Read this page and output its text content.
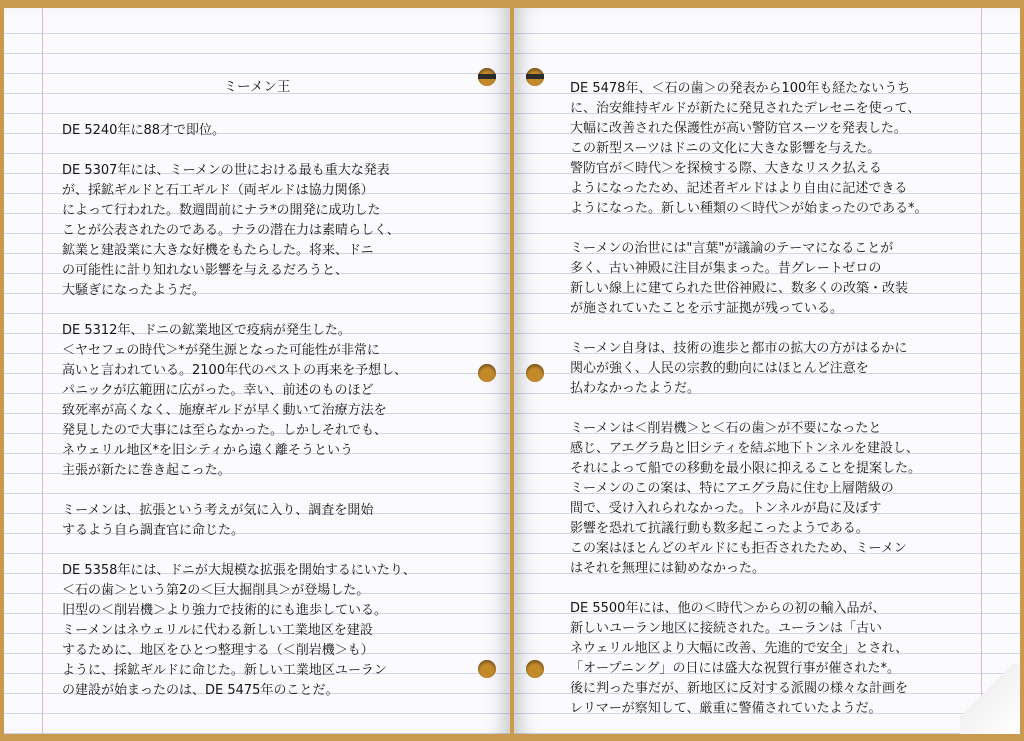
ミーメン王
DE 5240年に88才で即位。
DE 5307年には、ミーメンの世における最も重大な発表
が、採鉱ギルドと石工ギルド（両ギルドは協力関係）
によって行われた。数週間前にナラ*の開発に成功した
ことが公表されたのである。ナラの潜在力は素晴らしく、
鉱業と建設業に大きな好機をもたらした。将来、ドニ
の可能性に計り知れない影響を与えるだろうと、
大騒ぎになったようだ。
DE 5312年、ドニの鉱業地区で疫病が発生した。
＜ヤセフェの時代＞*が発生源となった可能性が非常に
高いと言われている。2100年代のペストの再来を予想し、
パニックが広範囲に広がった。幸い、前述のものほど
致死率が高くなく、施療ギルドが早く動いて治療方法を
発見したので大事には至らなかった。しかしそれでも、
ネウェリル地区*を旧シティから遠く離そうという
主張が新たに巻き起こった。
ミーメンは、拡張という考えが気に入り、調査を開始
するよう自ら調査官に命じた。
DE 5358年には、ドニが大規模な拡張を開始するにいたり、
＜石の歯＞という第2の＜巨大掘削具＞が登場した。
旧型の＜削岩機＞より強力で技術的にも進歩している。
ミーメンはネウェリルに代わる新しい工業地区を建設
するために、地区をひとつ整理する（＜削岩機＞も）
ように、採鉱ギルドに命じた。新しい工業地区ユーラン
の建設が始まったのは、DE 5475年のことだ。
DE 5478年、＜石の歯＞の発表から100年も経たないうち
に、治安維持ギルドが新たに発見されたデレセニを使って、
大幅に改善された保護性が高い警防官スーツを発表した。
この新型スーツはドニの文化に大きな影響を与えた。
警防官が＜時代＞を探検する際、大きなリスク払える
ようになったため、記述者ギルドはより自由に記述できる
ようになった。新しい種類の＜時代＞が始まったのである*。
ミーメンの治世には"言葉"が議論のテーマになることが
多く、古い神殿に注目が集まった。昔グレートゼロの
新しい線上に建てられた世俗神殿に、数多くの改築・改装
が施されていたことを示す証拠が残っている。
ミーメン自身は、技術の進歩と都市の拡大の方がはるかに
関心が強く、人民の宗教的動向にはほとんど注意を
払わなかったようだ。
ミーメンは＜削岩機＞と＜石の歯＞が不要になったと
感じ、アエグラ島と旧シティを結ぶ地下トンネルを建設し、
それによって船での移動を最小限に抑えることを提案した。
ミーメンのこの案は、特にアエグラ島に住む上層階級の
間で、受け入れられなかった。トンネルが島に及ぼす
影響を恐れて抗議行動も数多起こったようである。
この案はほとんどのギルドにも拒否されたため、ミーメン
はそれを無理には勧めなかった。
DE 5500年には、他の＜時代＞からの初の輸入品が、
新しいユーラン地区に接続された。ユーランは「古い
ネウェリル地区より大幅に改善、先進的で安全」とされ、
「オープニング」の日には盛大な祝賀行事が催された*。
後に判った事だが、新地区に反対する派閥の様々な計画を
レリマーが察知して、厳重に警備されていたようだ。
